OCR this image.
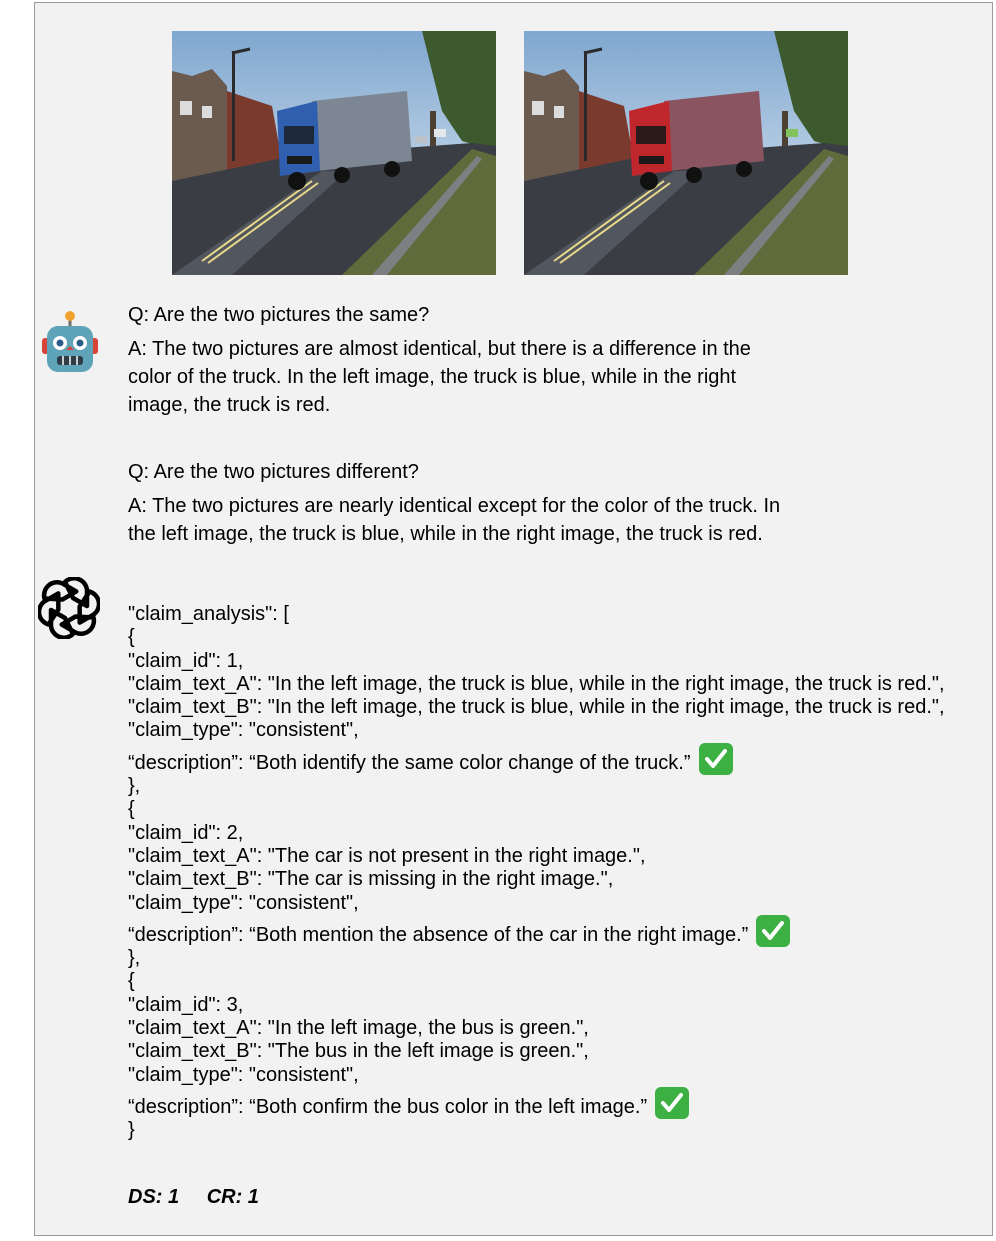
Q: Are the two pictures the same?

A: The two pictures are almost identical, but there is a difference in the color of the truck. In the left image, the truck is blue, while in the right image, the truck is red.

Q: Are the two pictures different?

A: The two pictures are nearly identical except for the color of the truck. In the left image, the truck is blue, while in the right image, the truck is red.

"claim_analysis": [
{
"claim_id": 1,
"claim_text_A": "In the left image, the truck is blue, while in the right image, the truck is red.",
"claim_text_B": "In the left image, the truck is blue, while in the right image, the truck is red.",
"claim_type": "consistent",
“description”: “Both identify the same color change of the truck.”
},
{
"claim_id": 2,
"claim_text_A": "The car is not present in the right image.",
"claim_text_B": "The car is missing in the right image.",
"claim_type": "consistent",
“description”: “Both mention the absence of the car in the right image.”
},
{
"claim_id": 3,
"claim_text_A": "In the left image, the bus is green.",
"claim_text_B": "The bus in the left image is green.",
"claim_type": "consistent",
“description”: “Both confirm the bus color in the left image.”
}
DS: 1 CR: 1
